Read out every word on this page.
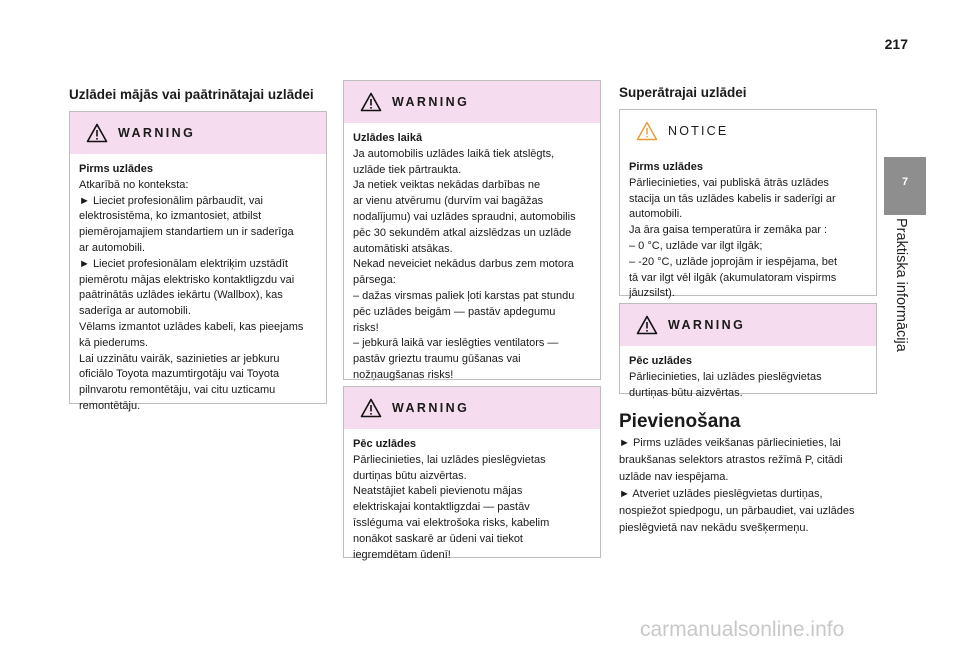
217
Uzlādei mājās vai paātrinātajai uzlādei
WARNING
Pirms uzlādes
Atkarībā no konteksta:
► Lieciet profesionālim pārbaudīt, vai
elektrosistēma, ko izmantosiet, atbilst
piemērojamajiem standartiem un ir saderīga
ar automobili.
► Lieciet profesionālam elektriķim uzstādīt
piemērotu mājas elektrisko kontaktligzdu vai
paātrinātās uzlādes iekārtu (Wallbox), kas
saderīga ar automobili.
Vēlams izmantot uzlādes kabeli, kas pieejams
kā piederums.
Lai uzzinātu vairāk, sazinieties ar jebkuru
oficiālo Toyota mazumtirgotāju vai Toyota
pilnvarotu remontētāju, vai citu uzticamu
remontētāju.
WARNING
Uzlādes laikā
Ja automobilis uzlādes laikā tiek atslēgts,
uzlāde tiek pārtraukta.
Ja netiek veiktas nekādas darbības ne
ar vienu atvērumu (durvīm vai bagāžas
nodalījumu) vai uzlādes spraudni, automobilis
pēc 30 sekundēm atkal aizslēdzas un uzlāde
automātiski atsākas.
Nekad neveiciet nekādus darbus zem motora
pārsega:
– dažas virsmas paliek ļoti karstas pat stundu
pēc uzlādes beigām — pastāv apdegumu
risks!
– jebkurā laikā var ieslēgties ventilators —
pastāv grieztu traumu gūšanas vai
nožņaugšanas risks!
WARNING
Pēc uzlādes
Pārliecinieties, lai uzlādes pieslēgvietas
durtiņas būtu aizvērtas.
Neatstājiet kabeli pievienotu mājas
elektriskajai kontaktligzdai — pastāv
īssléguma vai elektrošoka risks, kabelim
nonākot saskarē ar ūdeni vai tiekot
iegremdētam ūdenī!
Superātrajai uzlādei
NOTICE
Pirms uzlādes
Pārliecinieties, vai publiskā ātrās uzlādes
stacija un tās uzlādes kabelis ir saderīgi ar
automobili.
Ja āra gaisa temperatūra ir zemāka par :
– 0 °C, uzlāde var ilgt ilgāk;
– -20 °C, uzlāde joprojām ir iespējama, bet
tā var ilgt vēl ilgāk (akumulatoram vispirms
jāuzsilst).
WARNING
Pēc uzlādes
Pārliecinieties, lai uzlādes pieslēgvietas
durtiņas būtu aizvērtas.
Pievienošana
► Pirms uzlādes veikšanas pārliecinieties, lai
braukšanas selektors atrastos režīmā P, citādi
uzlāde nav iespējama.
► Atveriet uzlādes pieslēgvietas durtiņas,
nospiežot spiedpogu, un pārbaudiet, vai uzlādes
pieslēgvietā nav nekādu svešķermeņu.
7
Praktiska informācija
carmanualsonline.info
